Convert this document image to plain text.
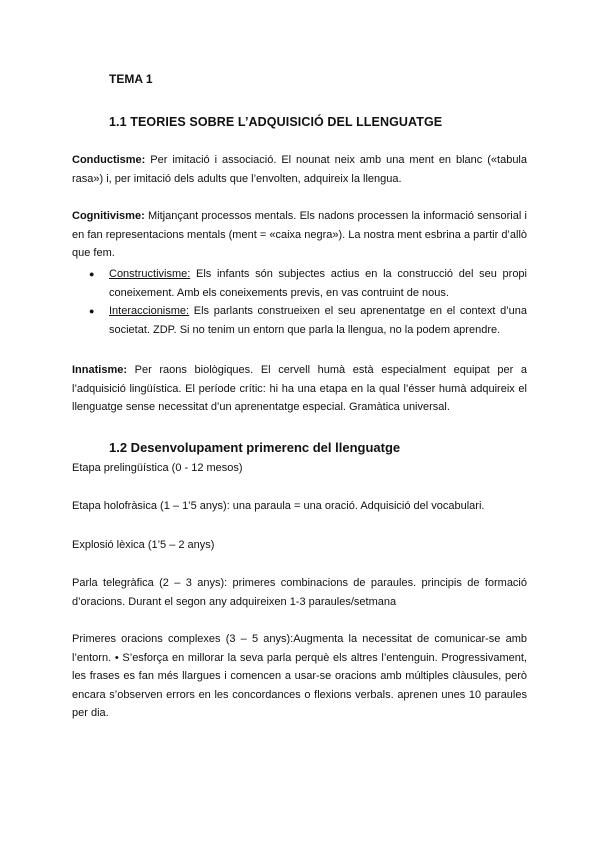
TEMA 1
1.1 TEORIES SOBRE L’ADQUISICIÓ DEL LLENGUATGE

Conductisme: Per imitació i associació. El nounat neix amb una ment en blanc («tabula rasa») i, per imitació dels adults que l’envolten, adquireix la llengua.

Cognitivisme: Mitjançant processos mentals. Els nadons processen la informació sensorial i en fan representacions mentals (ment = «caixa negra»). La nostra ment esbrina a partir d’allò que fem.

● Constructivisme: Els infants són subjectes actius en la construcció del seu propi coneixement. Amb els coneixements previs, en vas contruint de nous.
● Interaccionisme: Els parlants construeixen el seu aprenentatge en el context d’una societat. ZDP. Si no tenim un entorn que parla la llengua, no la podem aprendre.

Innatisme: Per raons biològiques. El cervell humà està especialment equipat per a l’adquisició lingüística. El període crític: hi ha una etapa en la qual l’ésser humà adquireix el llenguatge sense necessitat d’un aprenentatge especial. Gramàtica universal.

1.2 Desenvolupament primerenc del llenguatge

Etapa prelingüística (0 - 12 mesos)

Etapa holofràsica (1 – 1’5 anys): una paraula = una oració. Adquisició del vocabulari.

Explosió lèxica (1’5 – 2 anys)

Parla telegràfica (2 – 3 anys): primeres combinacions de paraules. principis de formació d’oracions. Durant el segon any adquireixen 1-3 paraules/setmana

Primeres oracions complexes (3 – 5 anys):Augmenta la necessitat de comunicar-se amb l’entorn. • S’esforça en millorar la seva parla perquè els altres l’entenguin. Progressivament, les frases es fan més llargues i comencen a usar-se oracions amb múltiples clàusules, però encara s’observen errors en les concordances o flexions verbals. aprenen unes 10 paraules per dia.
